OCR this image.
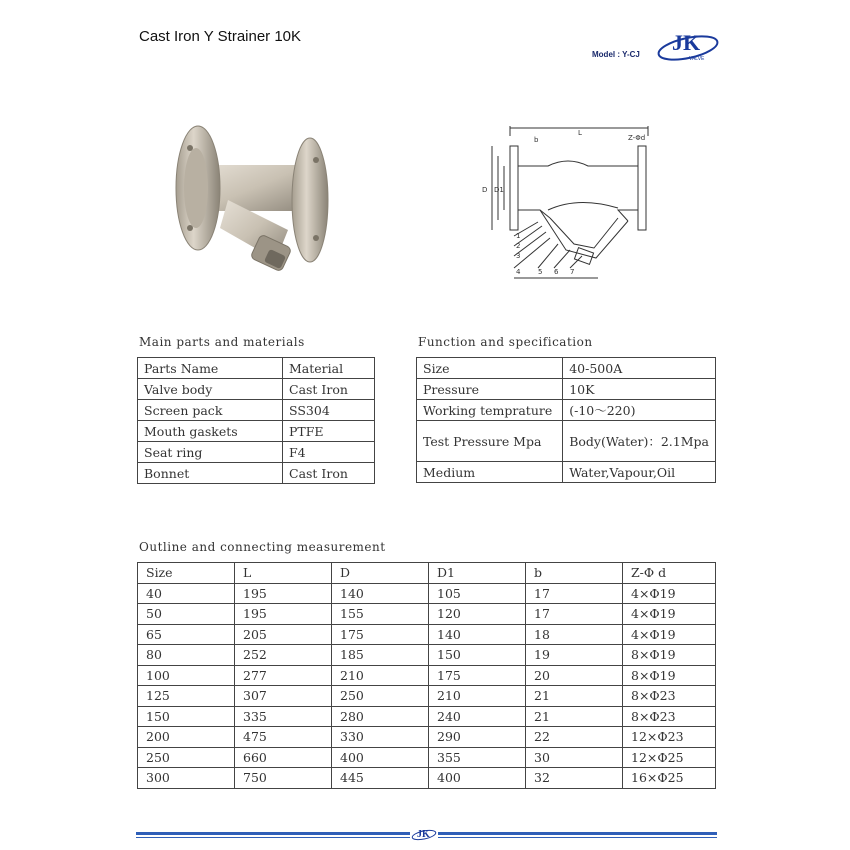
Cast Iron Y Strainer 10K
Model : Y-CJ JK
VALVE
L
D D1
Z-Φd
b
1
2
3
4	5 6 7
Main parts and materials
Parts Name	Material
Valve body	Cast Iron
Screen pack	SS304
Mouth gaskets	PTFE
Seat ring	F4
Bonnet	Cast Iron
Function and specification
Size	40-500A
Pressure	10K
Working temprature	(-10～220)
Test Pressure Mpa	Body(Water)：2.1Mpa
Medium	Water,Vapour,Oil
Outline and connecting measurement
Size	L	D	D1	b	Z-Φ d
40	195	140	105	17	4×Φ19
50	195	155	120	17	4×Φ19
65	205	175	140	18	4×Φ19
80	252	185	150	19	8×Φ19
100	277	210	175	20	8×Φ19
125	307	250	210	21	8×Φ23
150	335	280	240	21	8×Φ23
200	475	330	290	22	12×Φ23
250	660	400	355	30	12×Φ25
300	750	445	400	32	16×Φ25
JK
